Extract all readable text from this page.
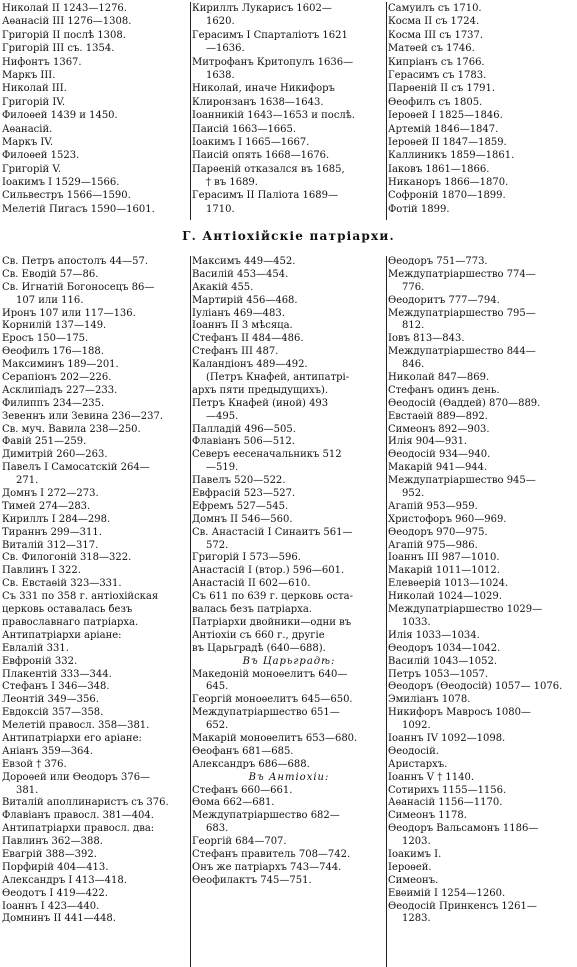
Николай II 1243—1276.
Аѳанасій III 1276—1308.
Григорій II послѣ 1308.
Григорій III съ. 1354.
Нифонтъ 1367.
Маркъ III.
Николай III.
Григорій IV.
Филоѳей 1439 и 1450.
Аѳанасій.
Маркъ IV.
Филоѳей 1523.
Григорій V.
Іоакимъ I 1529—1566.
Сильвестръ 1566—1590.
Мелетій Пигасъ 1590—1601.
Кириллъ Лукарисъ 1602—
1620.
Герасимъ I Спарталіотъ 1621
—1636.
Митрофанъ Критопулъ 1636—
1638.
Николай, иначе Никифоръ
Клиронзанъ 1638—1643.
Іоанникій 1643—1653 и послѣ.
Паисій 1663—1665.
Іоакимъ I 1665—1667.
Паисій опять 1668—1676.
Парѳеній отказался въ 1685,
† въ 1689.
Герасимъ II Паліота 1689—
1710.
Самуилъ съ 1710.
Косма II съ 1724.
Косма III съ 1737.
Матѳей съ 1746.
Кипріанъ съ 1766.
Герасимъ съ 1783.
Парѳеній II съ 1791.
Ѳеофилъ съ 1805.
Іероѳей I 1825—1846.
Артемій 1846—1847.
Іероѳей II 1847—1859.
Каллиникъ 1859—1861.
Іаковъ 1861—1866.
Никаноръ 1866—1870.
Софроній 1870—1899.
Фотій 1899.
Г. Антіохійскіе патріархи.
Св. Петръ апостолъ 44—57.
Св. Еводій 57—86.
Св. Игнатій Богоносецъ 86—
107 или 116.
Иронъ 107 или 117—136.
Корнилій 137—149.
Еросъ 150—175.
Ѳеофилъ 176—188.
Максиминъ 189—201.
Серапіонъ 202—226.
Асклипіадъ 227—233.
Филиппъ 234—235.
Зевеннъ или Зевина 236—237.
Св. муч. Вавила 238—250.
Фавій 251—259.
Димитрій 260—263.
Павелъ I Самосатскій 264—
271.
Домнъ I 272—273.
Тимей 274—283.
Кириллъ I 284—298.
Тираннъ 299—311.
Виталій 312—317.
Св. Филогоній 318—322.
Павлинъ I 322.
Св. Евстаѳій 323—331.
Съ 331 по 358 г. антіохійская
церковь оставалась безъ
православнаго патріарха.
Антипатріархи аріане:
Евлалій 331.
Евфроній 332.
Плакентій 333—344.
Стефанъ I 346—348.
Леонтій 349—356.
Евдоксій 357—358.
Мелетій правосл. 358—381.
Антипатріархи его аріане:
Аніанъ 359—364.
Евзой † 376.
Дороѳей или Ѳеодоръ 376—
381.
Виталій аполлинаристъ съ 376.
Флавіанъ правосл. 381—404.
Антипатріархи правосл. два:
Павлинъ 362—388.
Евагрій 388—392.
Порфирій 404—413.
Александръ I 413—418.
Ѳеодотъ I 419—422.
Іоаннъ I 423—440.
Домнинъ II 441—448.
Максимъ 449—452.
Василій 453—454.
Акакій 455.
Мартирій 456—468.
Іуліанъ 469—483.
Іоаннъ II 3 мѣсяца.
Стефанъ II 484—486.
Стефанъ III 487.
Каландіонъ 489—492.
(Петръ Кнафей, антипатрі-
архъ пяти предыдущихъ).
Петръ Кнафей (иной) 493
—495.
Палладій 496—505.
Флавіанъ 506—512.
Северъ еесеначальникъ 512
—519.
Павелъ 520—522.
Евфрасій 523—527.
Ефремъ 527—545.
Домнъ II 546—560.
Св. Анастасій I Синаитъ 561—
572.
Григорій I 573—596.
Анастасій I (втор.) 596—601.
Анастасій II 602—610.
Съ 611 по 639 г. церковь оста-
валась безъ патріарха.
Патріархи двойники—одни въ
Антіохіи съ 660 г., другіе
въ Царьградѣ (640—688).
Въ Царьградѣ:
Македоній моноѳелитъ 640—
645.
Георгій моноѳелитъ 645—650.
Междупатріаршество 651—
652.
Макарій моноѳелитъ 653—680.
Ѳеофанъ 681—685.
Александръ 686—688.
Въ Антіохіи:
Стефанъ 660—661.
Ѳома 662—681.
Междупатріаршество 682—
683.
Георгій 684—707.
Стефанъ правитель 708—742.
Онъ же патріархъ 743—744.
Ѳеофилактъ 745—751.
Ѳеодоръ 751—773.
Междупатріаршество 774—
776.
Ѳеодоритъ 777—794.
Междупатріаршество 795—
812.
Іовъ 813—843.
Междупатріаршество 844—
846.
Николай 847—869.
Стефанъ одинъ день.
Ѳеодосій (Ѳаддей) 870—889.
Евстаѳій 889—892.
Симеонъ 892—903.
Илія 904—931.
Ѳеодосій 934—940.
Макарій 941—944.
Междупатріаршество 945—
952.
Агапій 953—959.
Христофоръ 960—969.
Ѳеодоръ 970—975.
Агапій 975—986.
Іоаннъ III 987—1010.
Макарій 1011—1012.
Елевѳерій 1013—1024.
Николай 1024—1029.
Междупатріаршество 1029—
1033.
Илія 1033—1034.
Ѳеодоръ 1034—1042.
Василій 1043—1052.
Петръ 1053—1057.
Ѳеодоръ (Ѳеодосій) 1057— 1076.
Эмиліанъ 1078.
Никифоръ Мавросъ 1080—
1092.
Іоаннъ IV 1092—1098.
Ѳеодосій.
Аристархъ.
Іоаннъ V † 1140.
Сотирихъ 1155—1156.
Аѳанасій 1156—1170.
Симеонъ 1178.
Ѳеодоръ Вальсамонъ 1186—
1203.
Іоакимъ I.
Іероѳей.
Симеонъ.
Евѳимій I 1254—1260.
Ѳеодосій Принкенсъ 1261—
1283.
